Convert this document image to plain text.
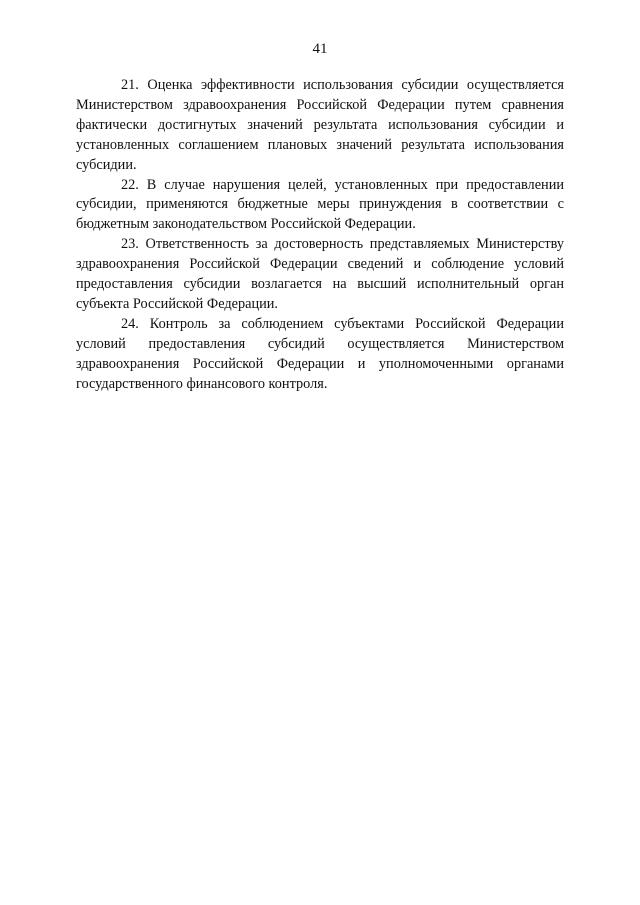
41

21. Оценка эффективности использования субсидии осуществляется Министерством здравоохранения Российской Федерации путем сравнения фактически достигнутых значений результата использования субсидии и установленных соглашением плановых значений результата использования субсидии.

22. В случае нарушения целей, установленных при предоставлении субсидии, применяются бюджетные меры принуждения в соответствии с бюджетным законодательством Российской Федерации.

23. Ответственность за достоверность представляемых Министерству здравоохранения Российской Федерации сведений и соблюдение условий предоставления субсидии возлагается на высший исполнительный орган субъекта Российской Федерации.

24. Контроль за соблюдением субъектами Российской Федерации условий предоставления субсидий осуществляется Министерством здравоохранения Российской Федерации и уполномоченными органами государственного финансового контроля.
